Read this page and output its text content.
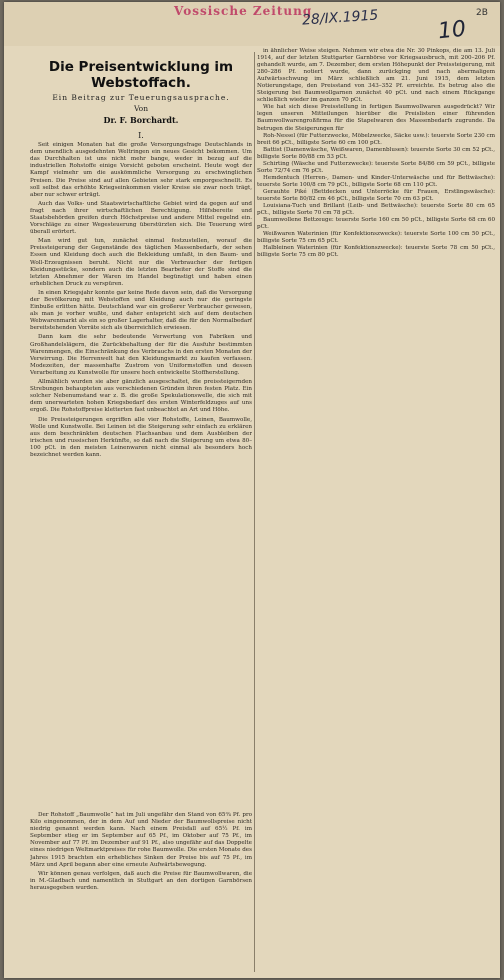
Vossische Zeitung
28/IX.1915	10
2B
Die Preisentwicklung im Webstoffach.
Ein Beitrag zur Teuerungsausprache.
Von
Dr. F. Borchardt.
I.

Seit einigen Monaten hat die große Versorgungsfrage Deutschlands in dem unendlich ausgedehnten Weltringen ein neues Gesicht bekommen. Um das Durchhalten ist uns nicht mehr bange, weder in bezug auf die industriellen Rohstoffe einige Vorsicht geboten erscheint. Heute wogt der Kampf vielmehr um die auskömmliche Versorgung zu erschwinglichen Preisen. Die Preise sind auf allen Gebieten sehr stark emporgeschnellt. Es soll selbst das erhöhte Kriegseinkommen vieler Kreise sie zwar noch trägt, aber nur schwer erträgt.

Auch das Volks- und Staatswirtschaftliche Gebiet wird da gegen auf und fragt nach ihrer wirtschaftlichen Berechtigung. Hilfsbereite und Staatsbehörden greifen durch Höchstpreise und andere Mittel regelnd ein. Vorschläge zu einer Wegesteuerung überstürzten sich. Die Teuerung wird überall erörtert.

Man wird gut tun, zunächst einmal festzustellen, worauf die Preissteigerung der Gegenstände des täglichen Massenbedarfs, der sehen Essen und Kleidung doch auch die Bekleidung umfaßt, in den Baum- und Woll-Erzeugnissen beruht. Nicht nur die Verbraucher der fertigen Kleidungsstücke, sondern auch die letzten Bearbeiter der Stoffe sind die letzten Abnehmer der Waren im Handel begünstigt und haben einen erheblichen Druck zu verspüren.

In einen Kriegsjahr konnte gar keine Rede davon sein, daß die Versorgung der Bevölkerung mit Webstoffen und Kleidung auch nur die geringste Einbuße erlitten hätte. Deutschland war ein großerer Verbraucher gewesen, als man je vorher wußte, und daher entspricht sich auf dem deutschen Webwarenmarkt als ein so großer Lagerhalter, daß die für den Normalbedarf bereitstehenden Vorräte sich als überreichlich erwiesen.

Dann kam die sehr bedeutende Verwertung von Fabriken und Großhandelslägern, die Zurückbehaltung der für die Ausfuhr bestimmten Warenmengen, die Einschränkung des Verbrauchs in den ersten Monaten der Verwirrung. Die Herrenwelt hat den Kleidungsmarkt zu kaufen verfassen. Modezeiten, der massenhafte Zustrom von Uniformstoffen und dessen Verarbeitung zu Kunstwolle für unsere hoch entwickelte Stoffherstellung.

Allmählich wurden sie aber gänzlich ausgeschaltet, die preissteigernden Strebungen behaupteten aus verschiedenen Gründen ihren festen Platz. Ein solcher Nebenumstand war z. B. die große Spekulationswelle, die sich mit dem unerwarteten hohen Kriegsbedarf des ersten Winterfeldzuges auf uns ergoß. Die Rohstoffpreise kletterten fast unbeachtet an Art und Höhe.

Die Preissteigerungen ergriffen alle vier Rohstoffe, Leinen, Baumwolle, Wolle und Kunstwolle. Bei Leinen ist die Steigerung sehr einfach zu erklären aus dem beschränkten deutschen Flachsanbau und dem Ausbleiben der irischen und russischen Herkünfte, so daß nach die Steigerung um etwa 80–100 pCt. in den meisten Leinenwaren nicht einmal als besonders hoch bezeichnet werden kann.

Der Rohstoff „Baumwolle“ hat im Juli ungefähr den Stand von 65¾ Pf. pro Kilo eingenommen, der in dem Auf und Nieder der Baumwollspreise nicht niedrig genannt werden kann. Nach einem Preisfall auf 65½ Pf. im September stieg er im September auf 65 Pf., im Oktober auf 75 Pf., im November auf 77 Pf. im Dezember auf 91 Pf., also ungefähr auf das Doppelte eines niedrigen Weltmarktpreises für rohe Baumwolle. Die ersten Monate des Jahres 1915 brachten ein erhebliches Sinken der Preise bis auf 75 Pf., im März und April begann aber eine erneute Aufwärtsbewegung.

Wir können genau verfolgen, daß auch die Preise für Baumwollwaren, die in M.-Gladbach und namentlich in Stuttgart an den dortigen Garnbörsen herausgegeben wurden.

in ähnlicher Weise steigen. Nehmen wir etwa die Nr. 30 Pinkops, die am 13. Juli 1914, auf der letzten Stuttgarter Garnbörse vor Kriegsausbruch, mit 200–206 Pf. gehandelt wurde, am 7. Dezember, dem ersten Höhepunkt der Preissteigerung, mit 280–286 Pf. notiert wurde, dann zurückging und nach abermaligem Aufwärtsschwung im März schließlich am 21. Juni 1915, dem letzten Notierungstage, den Preisstand von 343–352 Pf. erreichte. Es betrug also die Steigerung bei Baumwollgarnen zunächst 40 pCt. und nach einem Rückgange schließlich wieder im ganzen 70 pCt.

Wie hat sich diese Preisstellung in fertigen Baumwollwaren ausgedrückt? Wir legen unseren Mitteilungen hierüber die Preislisten einer führenden Baumwollwarengroßfirma für die Stapelwaren des Massenbedarfs zugrunde. Da betrugen die Steigerungen für

Roh-Nessel (für Futterzwecke, Möbelzwecke, Säcke usw.): teuerste Sorte 230 cm breit 66 pCt., billigste Sorte 60 cm 100 pCt.

Battist (Damenwäsche, Weißwaren, Damenblusen): teuerste Sorte 30 cm 52 pCt., billigste Sorte 80/88 cm 53 pCt.

Schirting (Wäsche und Futterzwecke): teuerste Sorte 84/86 cm 59 pCt., billigste Sorte 72/74 cm 76 pCt.

Hemdentuch (Herren-, Damen- und Kinder-Unterwäsche und für Bettwäsche): teuerste Sorte 100/8 cm 79 pCt., billigste Sorte 68 cm 110 pCt.

Gerauhte Piké (Bettdecken und Unterröcke für Frauen, Erstlingswäsche): teuerste Sorte 80/82 cm 46 pCt., billigste Sorte 70 cm 63 pCt.

Louisiana-Tuch und Brillant (Leib- und Bettwäsche): teuerste Sorte 80 cm 65 pCt., billigste Sorte 70 cm 78 pCt.

Baumwollene Bettzeuge: teuerste Sorte 160 cm 50 pCt., billigste Sorte 68 cm 60 pCt.

Weißwaren Waterinien (für Konfektionszwecke): teuerste Sorte 100 cm 50 pCt., billigste Sorte 75 cm 65 pCt.

Halbleinen Waterinien (für Konfektionszwecke): teuerste Sorte 78 cm 50 pCt., billigste Sorte 75 cm 80 pCt.
